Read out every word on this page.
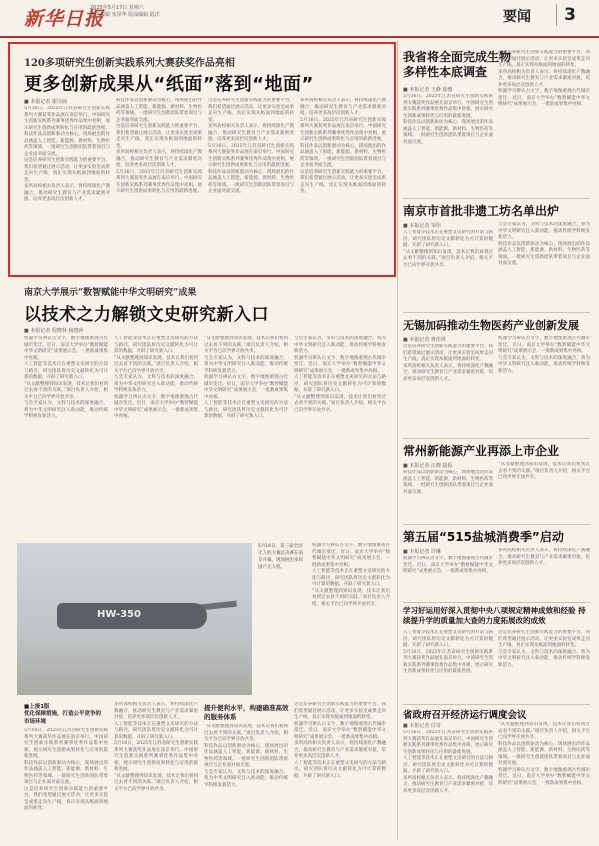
新华日报
2025年5月17日 星期六
责任编辑 朱泽华 版面编辑 陆洋	要闻	3
120多项研究生创新实践系列大赛获奖作品亮相
更多创新成果从“纸面”落到“地面”
■ 本报记者 谢诗涵
5月16日，2025年江苏省研究生创新实践系列大赛获奖作品展在南京举行。中国研究生创新实践系列赛事优秀作品集中亮相，展示研究生创新成果转化与应用的最新进展。
科技作品以创新驱动为核心，现场展出的作品涵盖人工智能、新能源、新材料、生物医药等领域。一批研究生创新团队带着项目与企业面对面交流。
这是培养研究生创新实践能力的重要平台。我们希望通过展示活动，让更多实验室成果走向生产线，真正实现从纸面到地面的转变。
多所高校相关负责人表示，将持续深化产教融合，推动研究生教育与产业需求紧密对接，培养更多高层次创新人才。
科技作品以创新驱动为核心，现场展出的作品涵盖人工智能、新能源、新材料、生物医药等领域。一批研究生创新团队带着项目与企业面对面交流。
这是培养研究生创新实践能力的重要平台。我们希望通过展示活动，让更多实验室成果走向生产线，真正实现从纸面到地面的转变。
多所高校相关负责人表示，将持续深化产教融合，推动研究生教育与产业需求紧密对接，培养更多高层次创新人才。
5月16日，2025年江苏省研究生创新实践系列大赛获奖作品展在南京举行。中国研究生创新实践系列赛事优秀作品集中亮相，展示研究生创新成果转化与应用的最新进展。
这是培养研究生创新实践能力的重要平台。我们希望通过展示活动，让更多实验室成果走向生产线，真正实现从纸面到地面的转变。
多所高校相关负责人表示，将持续深化产教融合，推动研究生教育与产业需求紧密对接，培养更多高层次创新人才。
5月16日，2025年江苏省研究生创新实践系列大赛获奖作品展在南京举行。中国研究生创新实践系列赛事优秀作品集中亮相，展示研究生创新成果转化与应用的最新进展。
科技作品以创新驱动为核心，现场展出的作品涵盖人工智能、新能源、新材料、生物医药等领域。一批研究生创新团队带着项目与企业面对面交流。
多所高校相关负责人表示，将持续深化产教融合，推动研究生教育与产业需求紧密对接，培养更多高层次创新人才。
5月16日，2025年江苏省研究生创新实践系列大赛获奖作品展在南京举行。中国研究生创新实践系列赛事优秀作品集中亮相，展示研究生创新成果转化与应用的最新进展。
科技作品以创新驱动为核心，现场展出的作品涵盖人工智能、新能源、新材料、生物医药等领域。一批研究生创新团队带着项目与企业面对面交流。
这是培养研究生创新实践能力的重要平台。我们希望通过展示活动，让更多实验室成果走向生产线，真正实现从纸面到地面的转变。
南京大学展示“数智赋能中华文明研究”成果
以技术之力解锁文史研究新入口
■ 本报记者 程晓林 杨晓萍
机器学习辨认古文字，数字地图重现古代城市变迁。近日，南京大学举办“数智赋能中华文明研究”成果展示会，一批新成果集中亮相。
人工智能等技术正在重塑文史研究的方法与路径，研究团队将历史文献转化为可计算的数据，开辟了研究新入口。
“从文献整理到知识发现，技术让我们看到过去看不到的关联。”项目负责人介绍，相关平台已向学界开放共享。
与会专家认为，文科与技术的深度融合，将为中华文明研究注入新动能，推动传统学科焕发新活力。
人工智能等技术正在重塑文史研究的方法与路径，研究团队将历史文献转化为可计算的数据，开辟了研究新入口。
“从文献整理到知识发现，技术让我们看到过去看不到的关联。”项目负责人介绍，相关平台已向学界开放共享。
与会专家认为，文科与技术的深度融合，将为中华文明研究注入新动能，推动传统学科焕发新活力。
机器学习辨认古文字，数字地图重现古代城市变迁。近日，南京大学举办“数智赋能中华文明研究”成果展示会，一批新成果集中亮相。
“从文献整理到知识发现，技术让我们看到过去看不到的关联。”项目负责人介绍，相关平台已向学界开放共享。
与会专家认为，文科与技术的深度融合，将为中华文明研究注入新动能，推动传统学科焕发新活力。
机器学习辨认古文字，数字地图重现古代城市变迁。近日，南京大学举办“数智赋能中华文明研究”成果展示会，一批新成果集中亮相。
人工智能等技术正在重塑文史研究的方法与路径，研究团队将历史文献转化为可计算的数据，开辟了研究新入口。
与会专家认为，文科与技术的深度融合，将为中华文明研究注入新动能，推动传统学科焕发新活力。
机器学习辨认古文字，数字地图重现古代城市变迁。近日，南京大学举办“数智赋能中华文明研究”成果展示会，一批新成果集中亮相。
人工智能等技术正在重塑文史研究的方法与路径，研究团队将历史文献转化为可计算的数据，开辟了研究新入口。
“从文献整理到知识发现，技术让我们看到过去看不到的关联。”项目负责人介绍，相关平台已向学界开放共享。
HW-350
5月16日，第三届全国无人机大赛总决赛在南京开幕，现场展出多款国产无人机。
机器学习辨认古文字，数字地图重现古代城市变迁。近日，南京大学举办“数智赋能中华文明研究”成果展示会，一批新成果集中亮相。
人工智能等技术正在重塑文史研究的方法与路径，研究团队将历史文献转化为可计算的数据，开辟了研究新入口。
“从文献整理到知识发现，技术让我们看到过去看不到的关联。”项目负责人介绍，相关平台已向学界开放共享。
■上接1版
优化保障措施，打造公平竞争的市场环境
5月16日，2025年江苏省研究生创新实践系列大赛获奖作品展在南京举行。中国研究生创新实践系列赛事优秀作品集中亮相，展示研究生创新成果转化与应用的最新进展。
科技作品以创新驱动为核心，现场展出的作品涵盖人工智能、新能源、新材料、生物医药等领域。一批研究生创新团队带着项目与企业面对面交流。
这是培养研究生创新实践能力的重要平台。我们希望通过展示活动，让更多实验室成果走向生产线，真正实现从纸面到地面的转变。
多所高校相关负责人表示，将持续深化产教融合，推动研究生教育与产业需求紧密对接，培养更多高层次创新人才。
人工智能等技术正在重塑文史研究的方法与路径，研究团队将历史文献转化为可计算的数据，开辟了研究新入口。
5月16日，2025年江苏省研究生创新实践系列大赛获奖作品展在南京举行。中国研究生创新实践系列赛事优秀作品集中亮相，展示研究生创新成果转化与应用的最新进展。
“从文献整理到知识发现，技术让我们看到过去看不到的关联。”项目负责人介绍，相关平台已向学界开放共享。
提升便利水平，构建确准高效的服务体系
“从文献整理到知识发现，技术让我们看到过去看不到的关联。”项目负责人介绍，相关平台已向学界开放共享。
科技作品以创新驱动为核心，现场展出的作品涵盖人工智能、新能源、新材料、生物医药等领域。一批研究生创新团队带着项目与企业面对面交流。
与会专家认为，文科与技术的深度融合，将为中华文明研究注入新动能，推动传统学科焕发新活力。
这是培养研究生创新实践能力的重要平台。我们希望通过展示活动，让更多实验室成果走向生产线，真正实现从纸面到地面的转变。
机器学习辨认古文字，数字地图重现古代城市变迁。近日，南京大学举办“数智赋能中华文明研究”成果展示会，一批新成果集中亮相。
多所高校相关负责人表示，将持续深化产教融合，推动研究生教育与产业需求紧密对接，培养更多高层次创新人才。
人工智能等技术正在重塑文史研究的方法与路径，研究团队将历史文献转化为可计算的数据，开辟了研究新入口。
我省将全面完成生物多样性本底调查
■ 本报记者 王静 徐雅
5月16日，2025年江苏省研究生创新实践系列大赛获奖作品展在南京举行。中国研究生创新实践系列赛事优秀作品集中亮相，展示研究生创新成果转化与应用的最新进展。
科技作品以创新驱动为核心，现场展出的作品涵盖人工智能、新能源、新材料、生物医药等领域。一批研究生创新团队带着项目与企业面对面交流。
这是培养研究生创新实践能力的重要平台。我们希望通过展示活动，让更多实验室成果走向生产线，真正实现从纸面到地面的转变。
多所高校相关负责人表示，将持续深化产教融合，推动研究生教育与产业需求紧密对接，培养更多高层次创新人才。
机器学习辨认古文字，数字地图重现古代城市变迁。近日，南京大学举办“数智赋能中华文明研究”成果展示会，一批新成果集中亮相。
南京市首批非遗工坊名单出炉
■ 本报记者 邹伟
人工智能等技术正在重塑文史研究的方法与路径，研究团队将历史文献转化为可计算的数据，开辟了研究新入口。
“从文献整理到知识发现，技术让我们看到过去看不到的关联。”项目负责人介绍，相关平台已向学界开放共享。
与会专家认为，文科与技术的深度融合，将为中华文明研究注入新动能，推动传统学科焕发新活力。
科技作品以创新驱动为核心，现场展出的作品涵盖人工智能、新能源、新材料、生物医药等领域。一批研究生创新团队带着项目与企业面对面交流。
无锡加码推动生物医药产业创新发展
■ 本报记者 黄佳琪
这是培养研究生创新实践能力的重要平台。我们希望通过展示活动，让更多实验室成果走向生产线，真正实现从纸面到地面的转变。
多所高校相关负责人表示，将持续深化产教融合，推动研究生教育与产业需求紧密对接，培养更多高层次创新人才。
机器学习辨认古文字，数字地图重现古代城市变迁。近日，南京大学举办“数智赋能中华文明研究”成果展示会，一批新成果集中亮相。
与会专家认为，文科与技术的深度融合，将为中华文明研究注入新动能，推动传统学科焕发新活力。
常州新能源产业再添上市企业
■ 本报记者 汪晓 陆振
科技作品以创新驱动为核心，现场展出的作品涵盖人工智能、新能源、新材料、生物医药等领域。一批研究生创新团队带着项目与企业面对面交流。
“从文献整理到知识发现，技术让我们看到过去看不到的关联。”项目负责人介绍，相关平台已向学界开放共享。
第五届“515盐城消费季”启动
■ 本报记者 许琳
机器学习辨认古文字，数字地图重现古代城市变迁。近日，南京大学举办“数智赋能中华文明研究”成果展示会，一批新成果集中亮相。
多所高校相关负责人表示，将持续深化产教融合，推动研究生教育与产业需求紧密对接，培养更多高层次创新人才。
学习好运用好深入贯彻中央八项规定精神成效和经验 持续提升学的质量加大查的力度拓展改的成效
人工智能等技术正在重塑文史研究的方法与路径，研究团队将历史文献转化为可计算的数据，开辟了研究新入口。
5月16日，2025年江苏省研究生创新实践系列大赛获奖作品展在南京举行。中国研究生创新实践系列赛事优秀作品集中亮相，展示研究生创新成果转化与应用的最新进展。
这是培养研究生创新实践能力的重要平台。我们希望通过展示活动，让更多实验室成果走向生产线，真正实现从纸面到地面的转变。
与会专家认为，文科与技术的深度融合，将为中华文明研究注入新动能，推动传统学科焕发新活力。
省政府召开经济运行调度会议
■ 本报记者 付奇
5月16日，2025年江苏省研究生创新实践系列大赛获奖作品展在南京举行。中国研究生创新实践系列赛事优秀作品集中亮相，展示研究生创新成果转化与应用的最新进展。
人工智能等技术正在重塑文史研究的方法与路径，研究团队将历史文献转化为可计算的数据，开辟了研究新入口。
多所高校相关负责人表示，将持续深化产教融合，推动研究生教育与产业需求紧密对接，培养更多高层次创新人才。
“从文献整理到知识发现，技术让我们看到过去看不到的关联。”项目负责人介绍，相关平台已向学界开放共享。
科技作品以创新驱动为核心，现场展出的作品涵盖人工智能、新能源、新材料、生物医药等领域。一批研究生创新团队带着项目与企业面对面交流。
机器学习辨认古文字，数字地图重现古代城市变迁。近日，南京大学举办“数智赋能中华文明研究”成果展示会，一批新成果集中亮相。
